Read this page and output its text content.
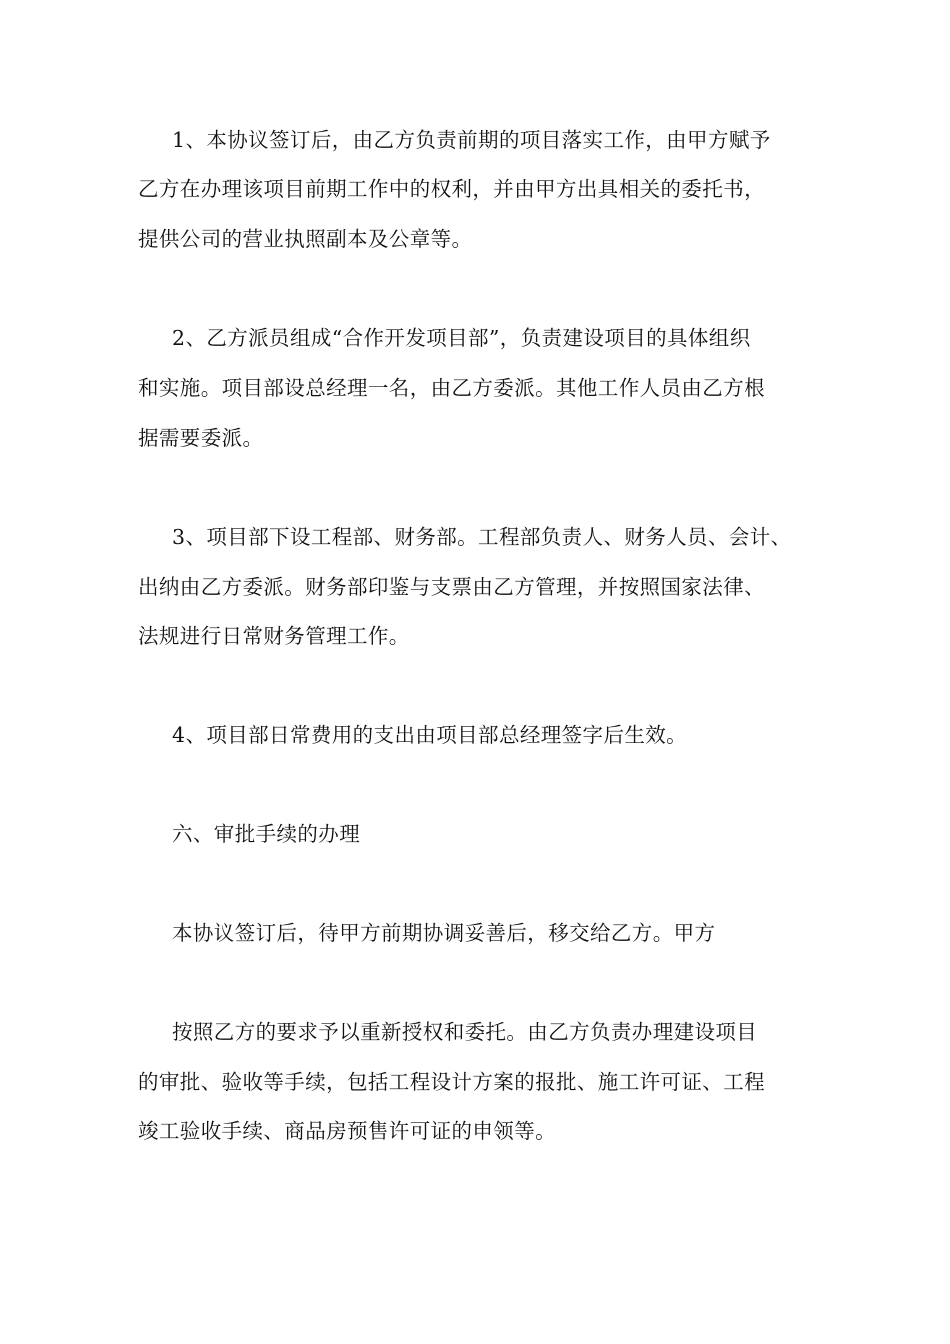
1、本协议签订后，由乙方负责前期的项目落实工作，由甲方赋予
乙方在办理该项目前期工作中的权利，并由甲方出具相关的委托书，
提供公司的营业执照副本及公章等。
2、乙方派员组成“合作开发项目部”，负责建设项目的具体组织
和实施。项目部设总经理一名，由乙方委派。其他工作人员由乙方根
据需要委派。
3、项目部下设工程部、财务部。工程部负责人、财务人员、会计、
出纳由乙方委派。财务部印鉴与支票由乙方管理，并按照国家法律、
法规进行日常财务管理工作。
4、项目部日常费用的支出由项目部总经理签字后生效。
六、审批手续的办理
本协议签订后，待甲方前期协调妥善后，移交给乙方。甲方
按照乙方的要求予以重新授权和委托。由乙方负责办理建设项目
的审批、验收等手续，包括工程设计方案的报批、施工许可证、工程
竣工验收手续、商品房预售许可证的申领等。
